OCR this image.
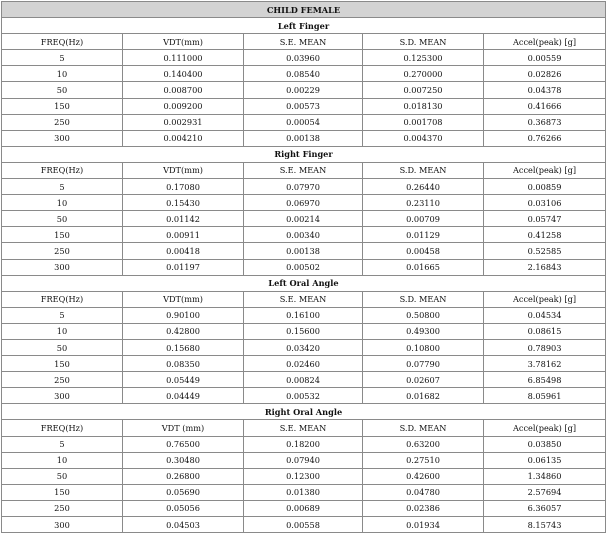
CHILD FEMALE				
Left Finger				
FREQ(Hz)	VDT(mm)	S.E. MEAN	S.D. MEAN	Accel(peak) [g]
5	0.111000	0.03960	0.125300	0.00559
10	0.140400	0.08540	0.270000	0.02826
50	0.008700	0.00229	0.007250	0.04378
150	0.009200	0.00573	0.018130	0.41666
250	0.002931	0.00054	0.001708	0.36873
300	0.004210	0.00138	0.004370	0.76266
Right Finger				
FREQ(Hz)	VDT(mm)	S.E. MEAN	S.D. MEAN	Accel(peak) [g]
5	0.17080	0.07970	0.26440	0.00859
10	0.15430	0.06970	0.23110	0.03106
50	0.01142	0.00214	0.00709	0.05747
150	0.00911	0.00340	0.01129	0.41258
250	0.00418	0.00138	0.00458	0.52585
300	0.01197	0.00502	0.01665	2.16843
Left Oral Angle				
FREQ(Hz)	VDT(mm)	S.E. MEAN	S.D. MEAN	Accel(peak) [g]
5	0.90100	0.16100	0.50800	0.04534
10	0.42800	0.15600	0.49300	0.08615
50	0.15680	0.03420	0.10800	0.78903
150	0.08350	0.02460	0.07790	3.78162
250	0.05449	0.00824	0.02607	6.85498
300	0.04449	0.00532	0.01682	8.05961
Right Oral Angle				
FREQ(Hz)	VDT (mm)	S.E. MEAN	S.D. MEAN	Accel(peak) [g]
5	0.76500	0.18200	0.63200	0.03850
10	0.30480	0.07940	0.27510	0.06135
50	0.26800	0.12300	0.42600	1.34860
150	0.05690	0.01380	0.04780	2.57694
250	0.05056	0.00689	0.02386	6.36057
300	0.04503	0.00558	0.01934	8.15743
